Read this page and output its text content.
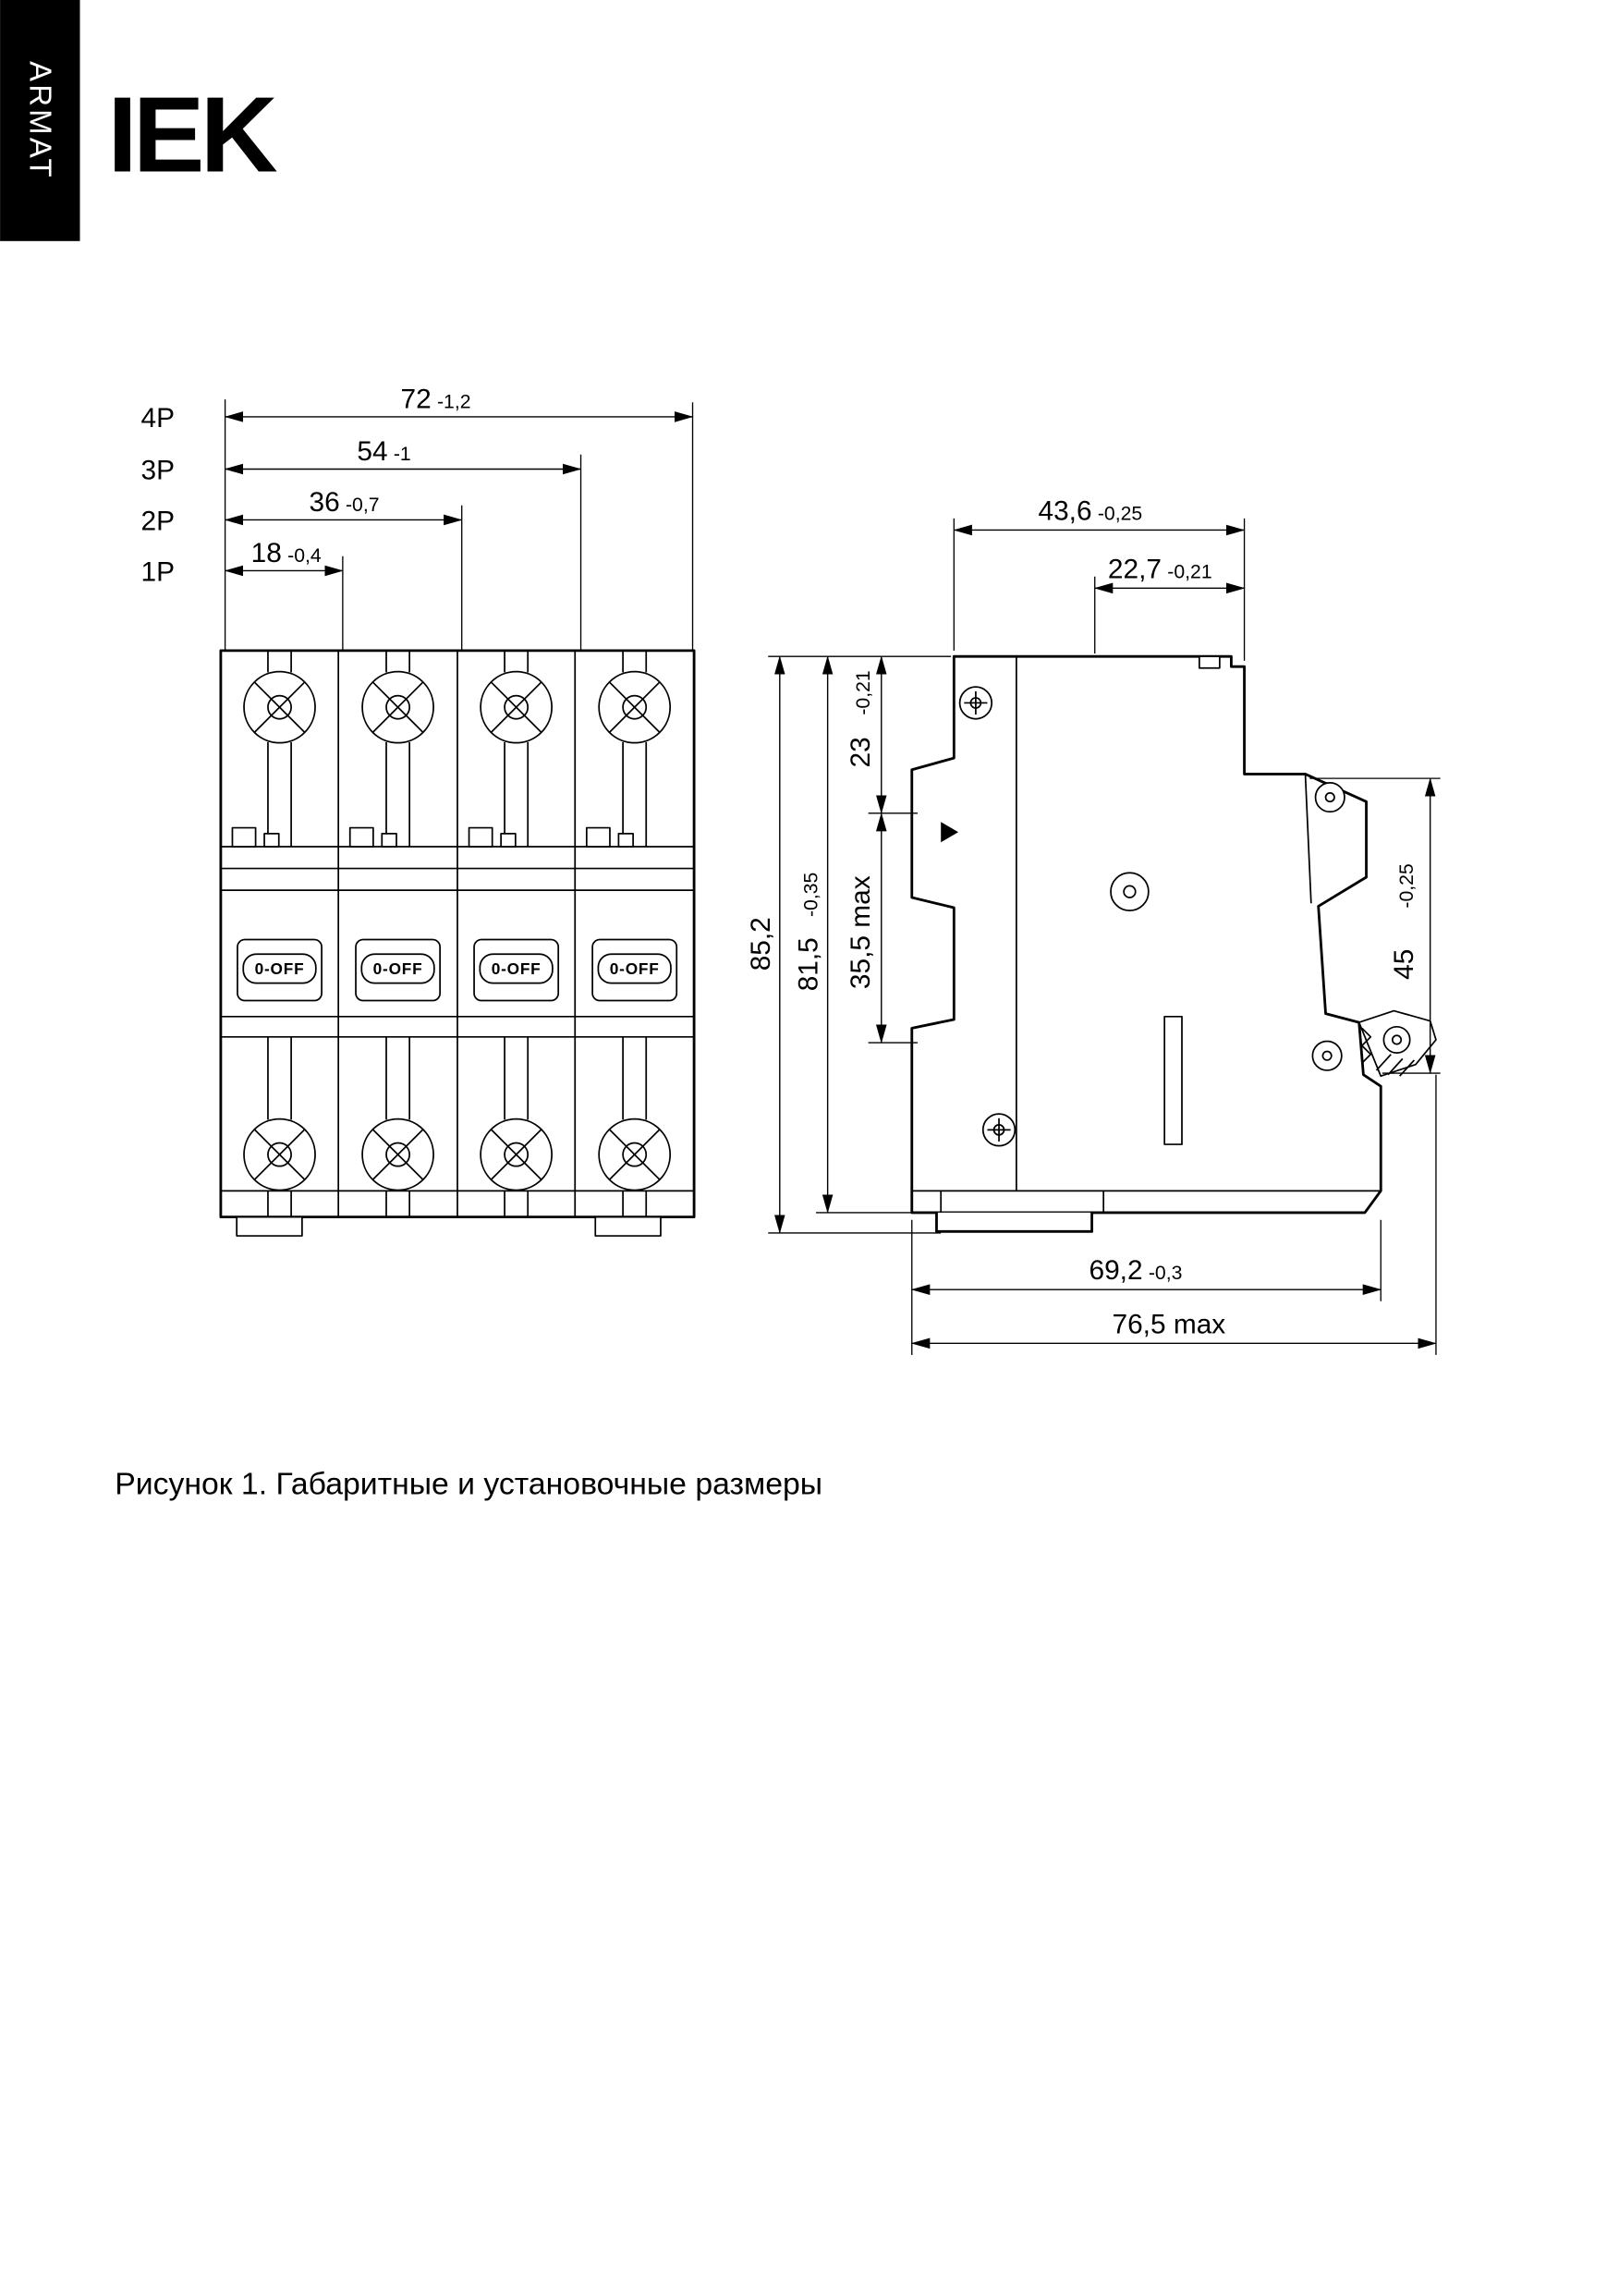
ARMAT IEK
0-OFF	0-OFF	0-OFF	0-OFF
4P
72 -1,2
3P
54 -1
2P
36 -0,7
1P
18 -0,4
43,6 -0,25
22,7 -0,21
85,2 81,5
-0,35
23
-0,21
35,5 max	45
-0,25
69,2 -0,3
76,5 max
Рисунок 1. Габаритные и установочные размеры
